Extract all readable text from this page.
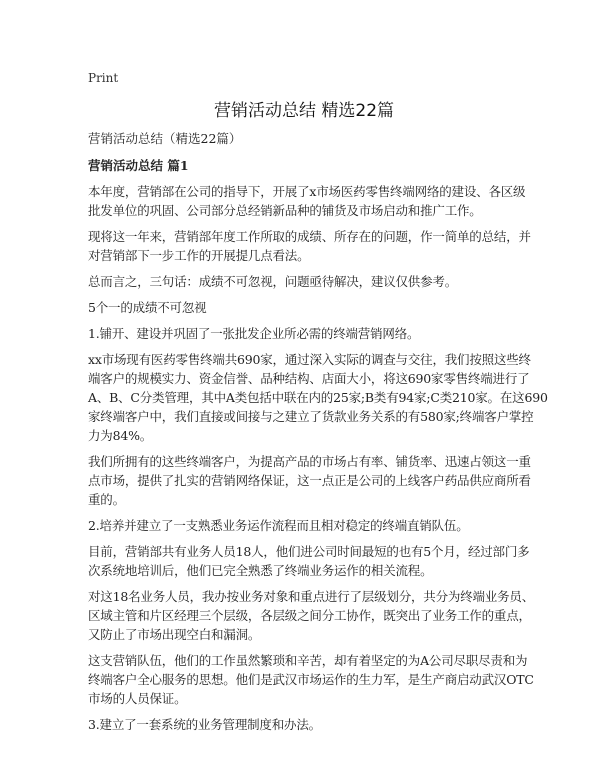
Print
营销活动总结 精选22篇
营销活动总结（精选22篇）
营销活动总结 篇1
本年度，营销部在公司的指导下，开展了x市场医药零售终端网络的建设、各区级
批发单位的巩固、公司部分总经销新品种的铺货及市场启动和推广工作。
现将这一年来，营销部年度工作所取的成绩、所存在的问题，作一简单的总结，并
对营销部下一步工作的开展提几点看法。
总而言之，三句话：成绩不可忽视，问题亟待解决，建议仅供参考。
5个一的成绩不可忽视
1.铺开、建设并巩固了一张批发企业所必需的终端营销网络。
xx市场现有医药零售终端共690家，通过深入实际的调查与交往，我们按照这些终
端客户的规模实力、资金信誉、品种结构、店面大小，将这690家零售终端进行了
A、B、C分类管理，其中A类包括中联在内的25家;B类有94家;C类210家。在这690
家终端客户中，我们直接或间接与之建立了货款业务关系的有580家;终端客户掌控
力为84%。
我们所拥有的这些终端客户，为提高产品的市场占有率、铺货率、迅速占领这一重
点市场，提供了扎实的营销网络保证，这一点正是公司的上线客户药品供应商所看
重的。
2.培养并建立了一支熟悉业务运作流程而且相对稳定的终端直销队伍。
目前，营销部共有业务人员18人，他们进公司时间最短的也有5个月，经过部门多
次系统地培训后，他们已完全熟悉了终端业务运作的相关流程。
对这18名业务人员，我办按业务对象和重点进行了层级划分，共分为终端业务员、
区域主管和片区经理三个层级，各层级之间分工协作，既突出了业务工作的重点，
又防止了市场出现空白和漏洞。
这支营销队伍，他们的工作虽然繁琐和辛苦，却有着坚定的为A公司尽职尽责和为
终端客户全心服务的思想。他们是武汉市场运作的生力军，是生产商启动武汉OTC
市场的人员保证。
3.建立了一套系统的业务管理制度和办法。
